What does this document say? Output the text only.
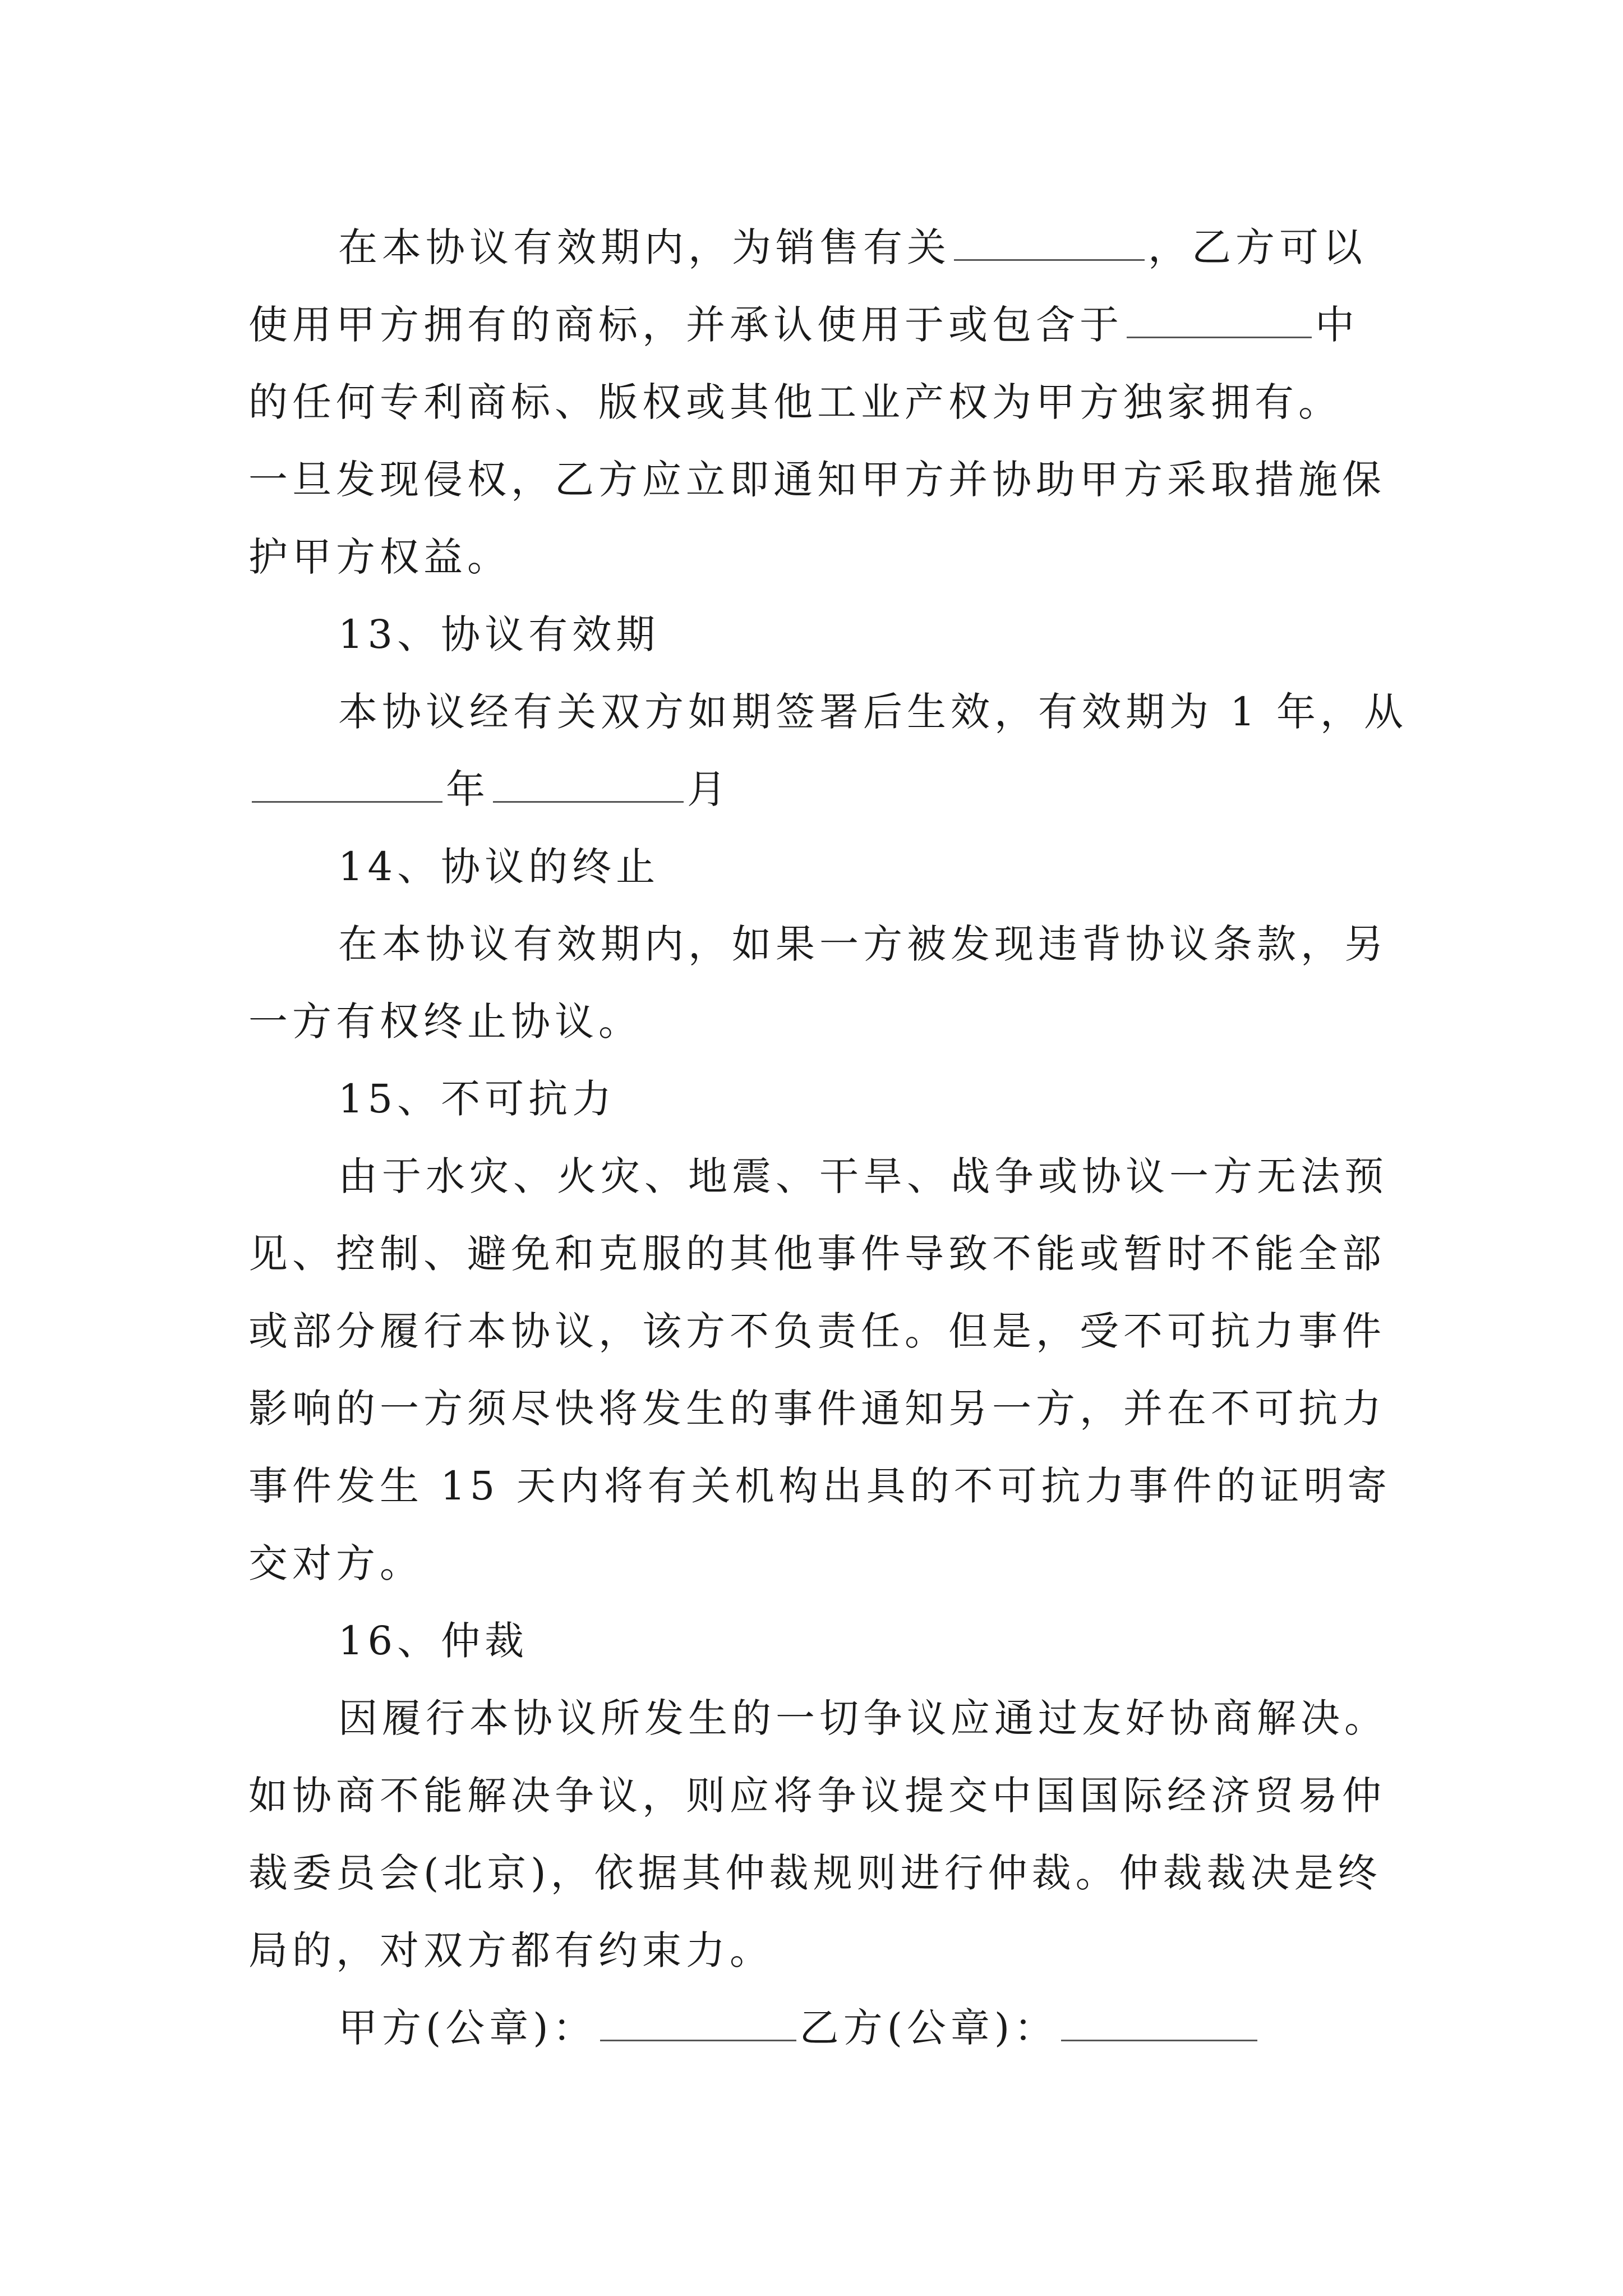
在本协议有效期内，为销售有关	，乙方可以
使用甲方拥有的商标，并承认使用于或包含于	中
的任何专利商标、版权或其他工业产权为甲方独家拥有。
一旦发现侵权，乙方应立即通知甲方并协助甲方采取措施保
护甲方权益。
13、协议有效期
本协议经有关双方如期签署后生效，有效期为 1 年，从
年	月
14、协议的终止
在本协议有效期内，如果一方被发现违背协议条款，另
一方有权终止协议。
15、不可抗力
由于水灾、火灾、地震、干旱、战争或协议一方无法预
见、控制、避免和克服的其他事件导致不能或暂时不能全部
或部分履行本协议，该方不负责任。但是，受不可抗力事件
影响的一方须尽快将发生的事件通知另一方，并在不可抗力
事件发生 15 天内将有关机构出具的不可抗力事件的证明寄
交对方。
16、仲裁
因履行本协议所发生的一切争议应通过友好协商解决。
如协商不能解决争议，则应将争议提交中国国际经济贸易仲
裁委员会(北京)，依据其仲裁规则进行仲裁。仲裁裁决是终
局的，对双方都有约束力。
甲方(公章)：	乙方(公章)：
